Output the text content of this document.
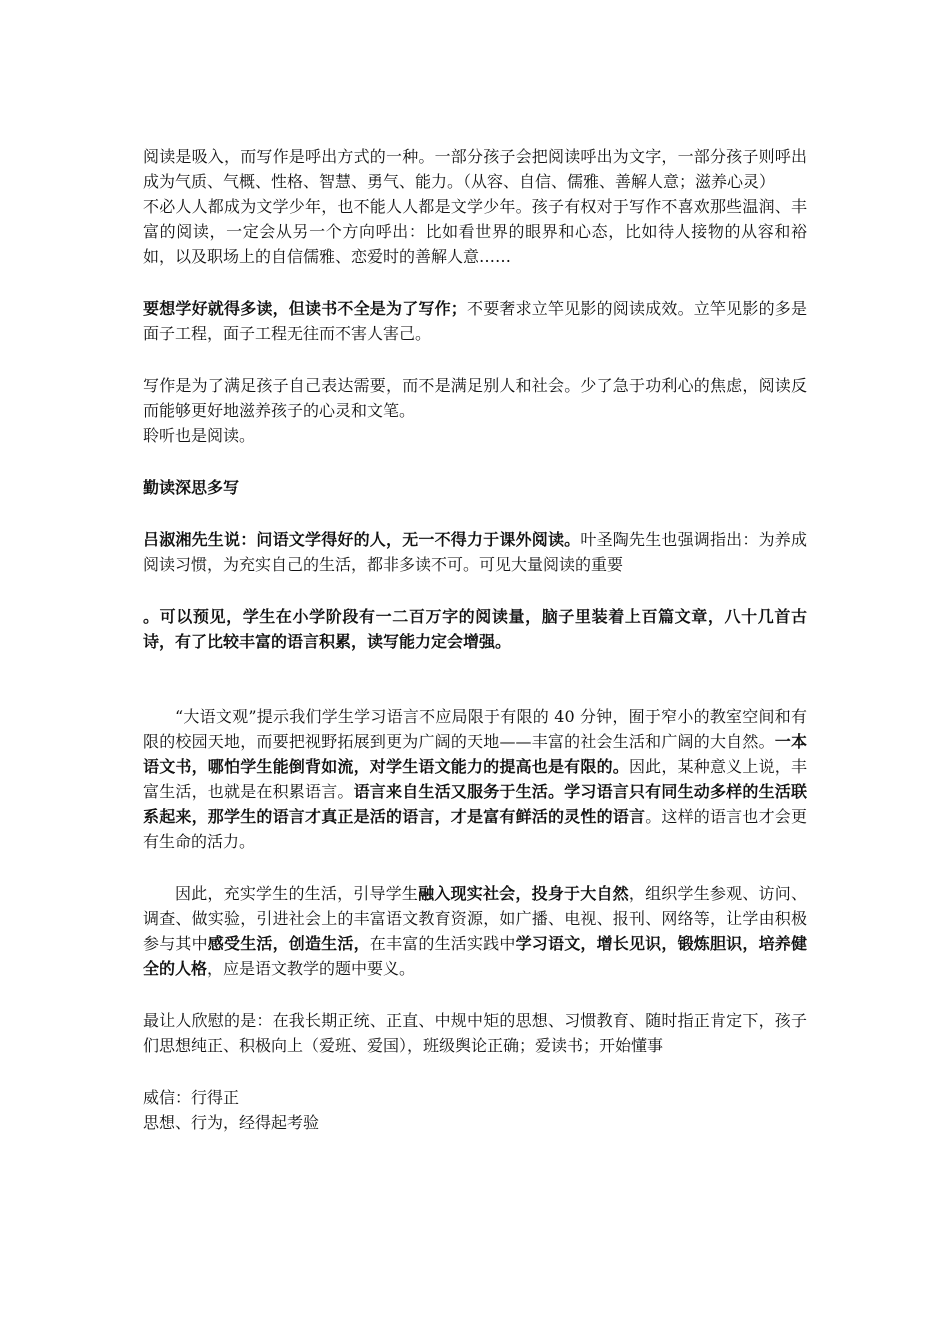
阅读是吸入，而写作是呼出方式的一种。一部分孩子会把阅读呼出为文字，一部分孩子则呼出成为气质、气概、性格、智慧、勇气、能力。（从容、自信、儒雅、善解人意；滋养心灵）

不必人人都成为文学少年，也不能人人都是文学少年。孩子有权对于写作不喜欢那些温润、丰富的阅读，一定会从另一个方向呼出：比如看世界的眼界和心态，比如待人接物的从容和裕如，以及职场上的自信儒雅、恋爱时的善解人意……

要想学好就得多读，但读书不全是为了写作；不要奢求立竿见影的阅读成效。立竿见影的多是面子工程，面子工程无往而不害人害己。

写作是为了满足孩子自己表达需要，而不是满足别人和社会。少了急于功利心的焦虑，阅读反而能够更好地滋养孩子的心灵和文笔。

聆听也是阅读。

勤读深思多写

吕淑湘先生说：问语文学得好的人，无一不得力于课外阅读。叶圣陶先生也强调指出：为养成阅读习惯，为充实自己的生活，都非多读不可。可见大量阅读的重要

。可以预见，学生在小学阶段有一二百万字的阅读量，脑子里装着上百篇文章，八十几首古诗，有了比较丰富的语言积累，读写能力定会增强。

“大语文观”提示我们学生学习语言不应局限于有限的 40 分钟，囿于窄小的教室空间和有限的校园天地，而要把视野拓展到更为广阔的天地——丰富的社会生活和广阔的大自然。一本语文书，哪怕学生能倒背如流，对学生语文能力的提高也是有限的。因此，某种意义上说，丰富生活，也就是在积累语言。语言来自生活又服务于生活。学习语言只有同生动多样的生活联系起来，那学生的语言才真正是活的语言，才是富有鲜活的灵性的语言。这样的语言也才会更有生命的活力。

因此，充实学生的生活，引导学生融入现实社会，投身于大自然，组织学生参观、访问、调查、做实验，引进社会上的丰富语文教育资源，如广播、电视、报刊、网络等，让学由积极参与其中感受生活，创造生活，在丰富的生活实践中学习语文，增长见识，锻炼胆识，培养健全的人格，应是语文教学的题中要义。

最让人欣慰的是：在我长期正统、正直、中规中矩的思想、习惯教育、随时指正肯定下，孩子们思想纯正、积极向上（爱班、爱国），班级舆论正确；爱读书；开始懂事

威信：行得正

思想、行为，经得起考验
